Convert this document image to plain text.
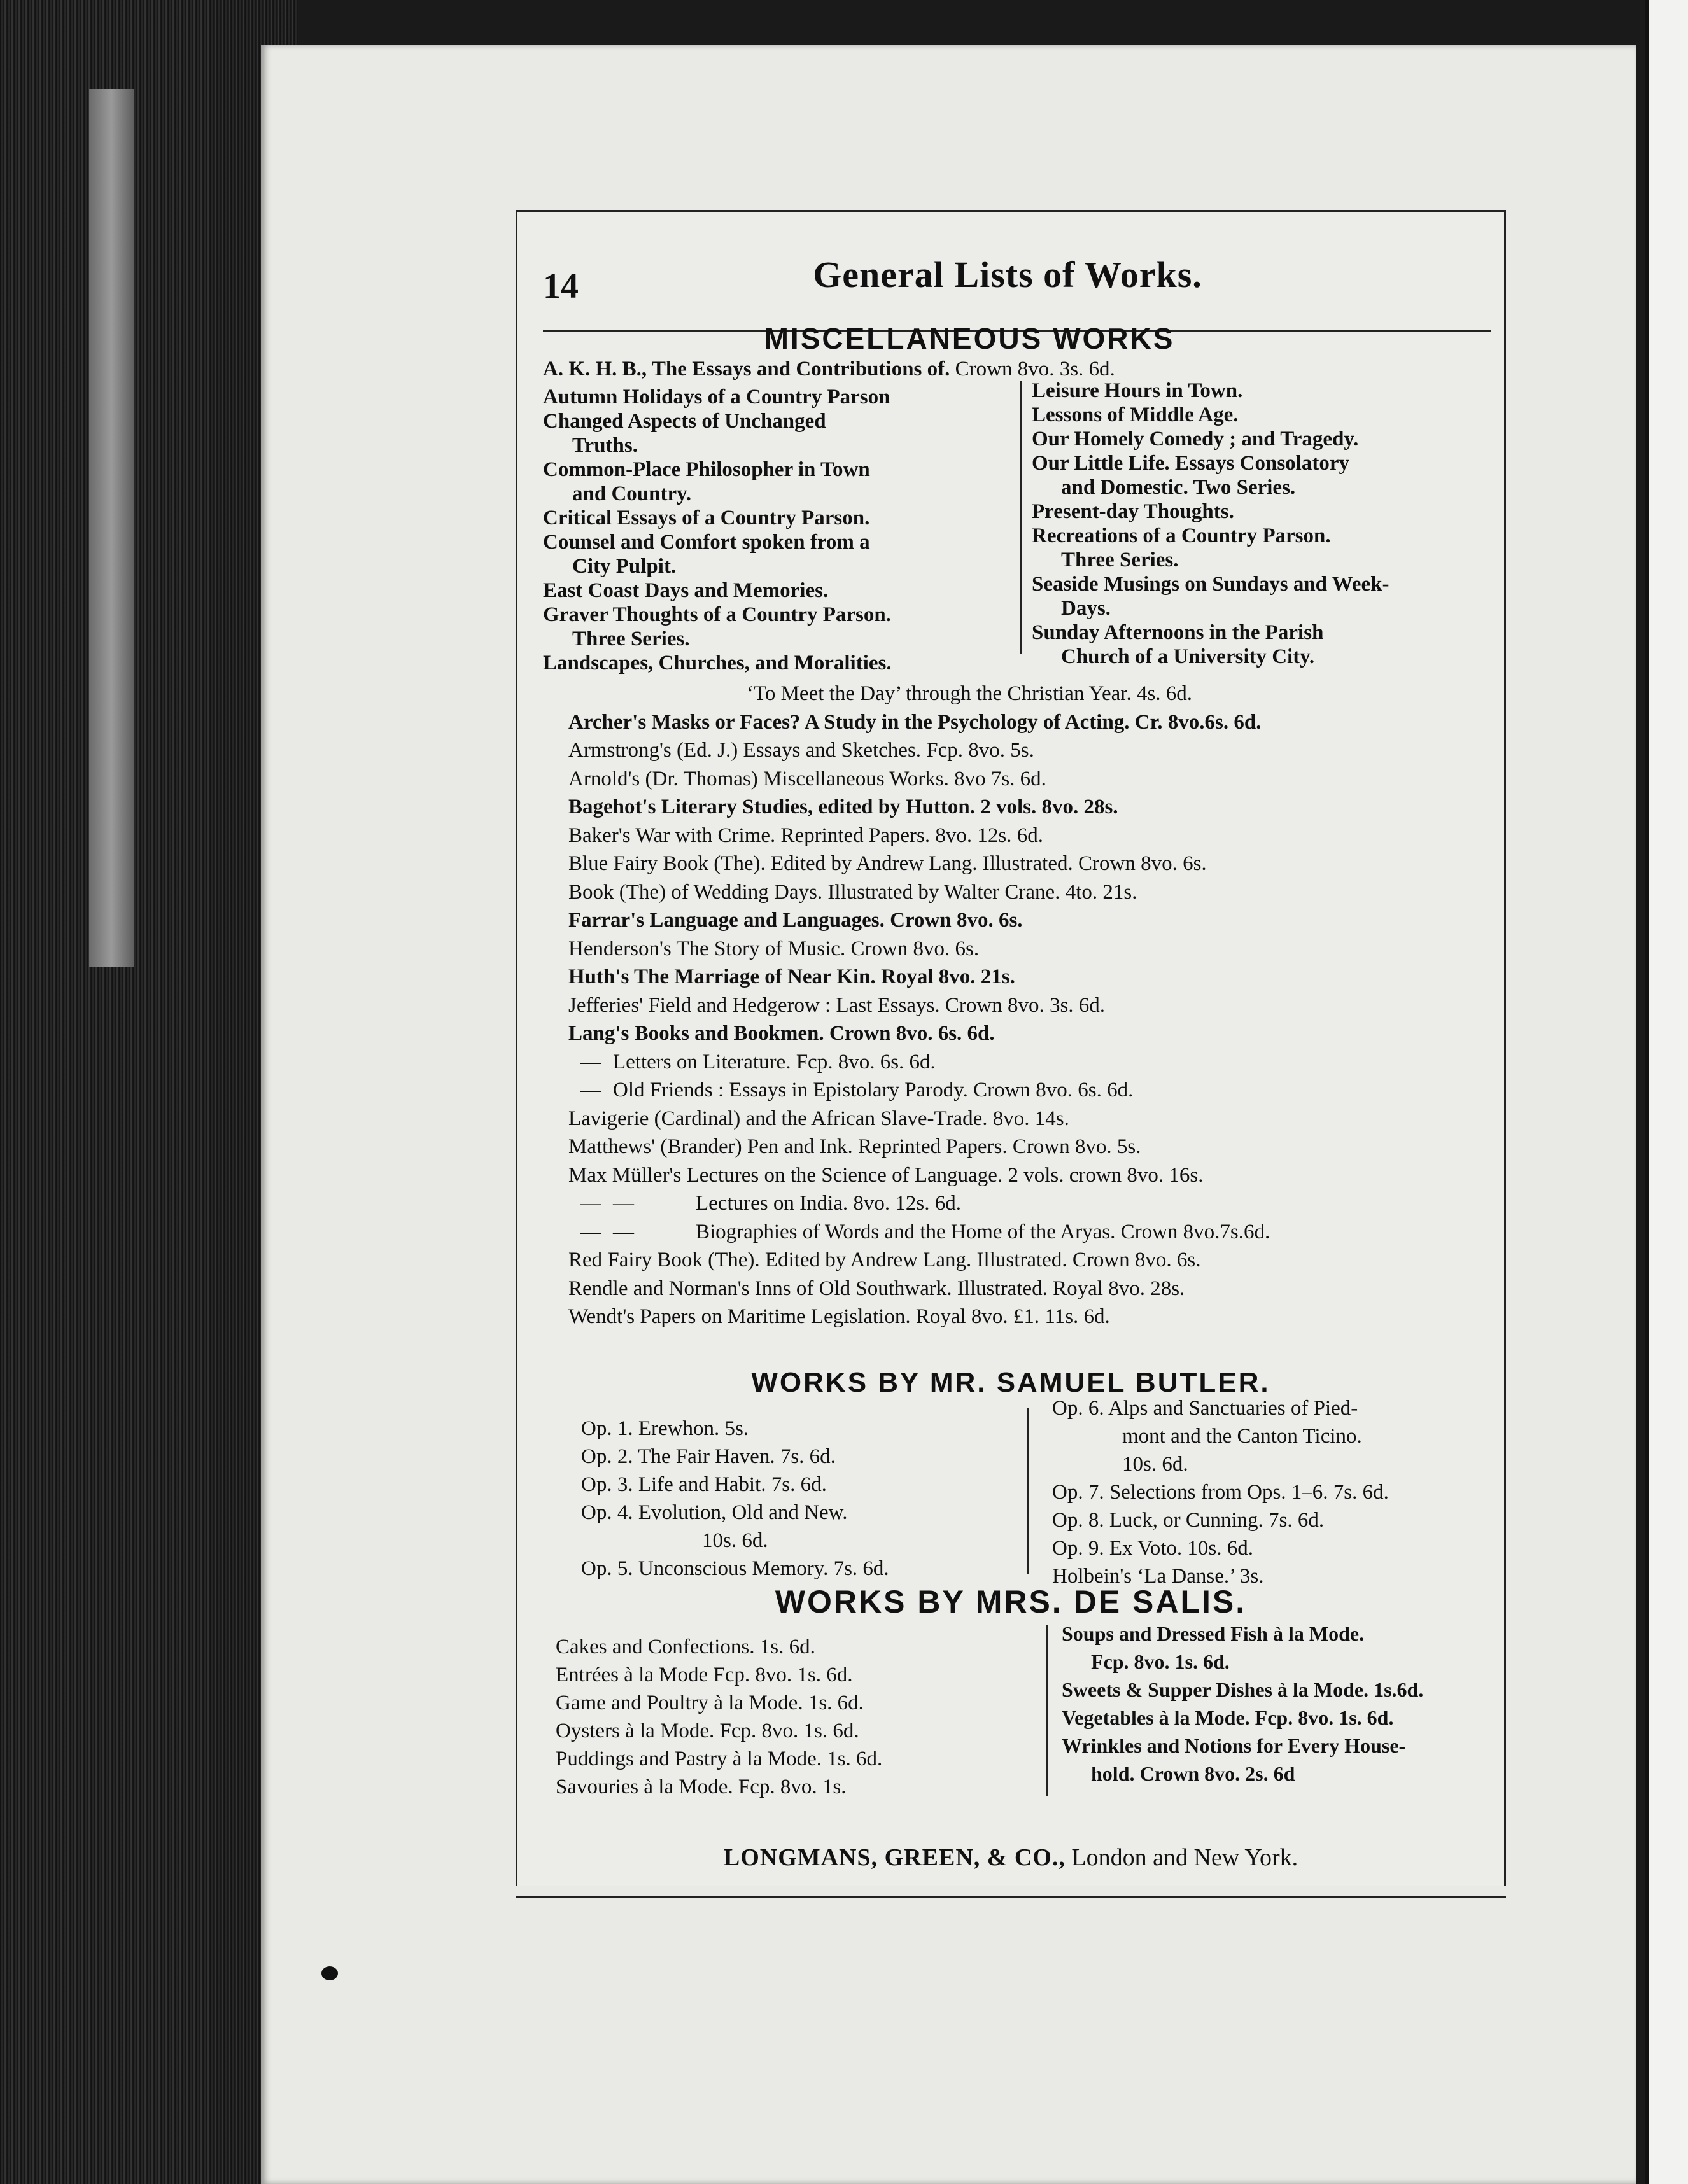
14	General Lists of Works.
MISCELLANEOUS WORKS
A. K. H. B., The Essays and Contributions of. Crown 8vo. 3s. 6d.
Autumn Holidays of a Country Parson
Changed Aspects of Unchanged
Truths.
Common-Place Philosopher in Town
and Country.
Critical Essays of a Country Parson.
Counsel and Comfort spoken from a
City Pulpit.
East Coast Days and Memories.
Graver Thoughts of a Country Parson.
Three Series.
Landscapes, Churches, and Moralities.
Leisure Hours in Town.
Lessons of Middle Age.
Our Homely Comedy ; and Tragedy.
Our Little Life. Essays Consolatory
and Domestic. Two Series.
Present-day Thoughts.
Recreations of a Country Parson.
Three Series.
Seaside Musings on Sundays and Week-
Days.
Sunday Afternoons in the Parish
Church of a University City.
‘To Meet the Day’ through the Christian Year. 4s. 6d.
Archer's Masks or Faces? A Study in the Psychology of Acting. Cr. 8vo.6s. 6d.
Armstrong's (Ed. J.) Essays and Sketches. Fcp. 8vo. 5s.
Arnold's (Dr. Thomas) Miscellaneous Works. 8vo 7s. 6d.
Bagehot's Literary Studies, edited by Hutton. 2 vols. 8vo. 28s.
Baker's War with Crime. Reprinted Papers. 8vo. 12s. 6d.
Blue Fairy Book (The). Edited by Andrew Lang. Illustrated. Crown 8vo. 6s.
Book (The) of Wedding Days. Illustrated by Walter Crane. 4to. 21s.
Farrar's Language and Languages. Crown 8vo. 6s.
Henderson's The Story of Music. Crown 8vo. 6s.
Huth's The Marriage of Near Kin. Royal 8vo. 21s.
Jefferies' Field and Hedgerow : Last Essays. Crown 8vo. 3s. 6d.
Lang's Books and Bookmen. Crown 8vo. 6s. 6d.
— Letters on Literature. Fcp. 8vo. 6s. 6d.
— Old Friends : Essays in Epistolary Parody. Crown 8vo. 6s. 6d.
Lavigerie (Cardinal) and the African Slave-Trade. 8vo. 14s.
Matthews' (Brander) Pen and Ink. Reprinted Papers. Crown 8vo. 5s.
Max Müller's Lectures on the Science of Language. 2 vols. crown 8vo. 16s.
— —	Lectures on India. 8vo. 12s. 6d.
— —	Biographies of Words and the Home of the Aryas. Crown 8vo.7s.6d.
Red Fairy Book (The). Edited by Andrew Lang. Illustrated. Crown 8vo. 6s.
Rendle and Norman's Inns of Old Southwark. Illustrated. Royal 8vo. 28s.
Wendt's Papers on Maritime Legislation. Royal 8vo. £1. 11s. 6d.
WORKS BY MR. SAMUEL BUTLER.
Op. 1. Erewhon. 5s.
Op. 2. The Fair Haven. 7s. 6d.
Op. 3. Life and Habit. 7s. 6d.
Op. 4. Evolution, Old and New.
10s. 6d.
Op. 5. Unconscious Memory. 7s. 6d.
Op. 6. Alps and Sanctuaries of Pied-
mont and the Canton Ticino.
10s. 6d.
Op. 7. Selections from Ops. 1–6. 7s. 6d.
Op. 8. Luck, or Cunning. 7s. 6d.
Op. 9. Ex Voto. 10s. 6d.
Holbein's ‘La Danse.’ 3s.
WORKS BY MRS. DE SALIS.
Cakes and Confections. 1s. 6d.
Entrées à la Mode Fcp. 8vo. 1s. 6d.
Game and Poultry à la Mode. 1s. 6d.
Oysters à la Mode. Fcp. 8vo. 1s. 6d.
Puddings and Pastry à la Mode. 1s. 6d.
Savouries à la Mode. Fcp. 8vo. 1s.
Soups and Dressed Fish à la Mode.
Fcp. 8vo. 1s. 6d.
Sweets & Supper Dishes à la Mode. 1s.6d.
Vegetables à la Mode. Fcp. 8vo. 1s. 6d.
Wrinkles and Notions for Every House-
hold. Crown 8vo. 2s. 6d
LONGMANS, GREEN, & CO., London and New York.
